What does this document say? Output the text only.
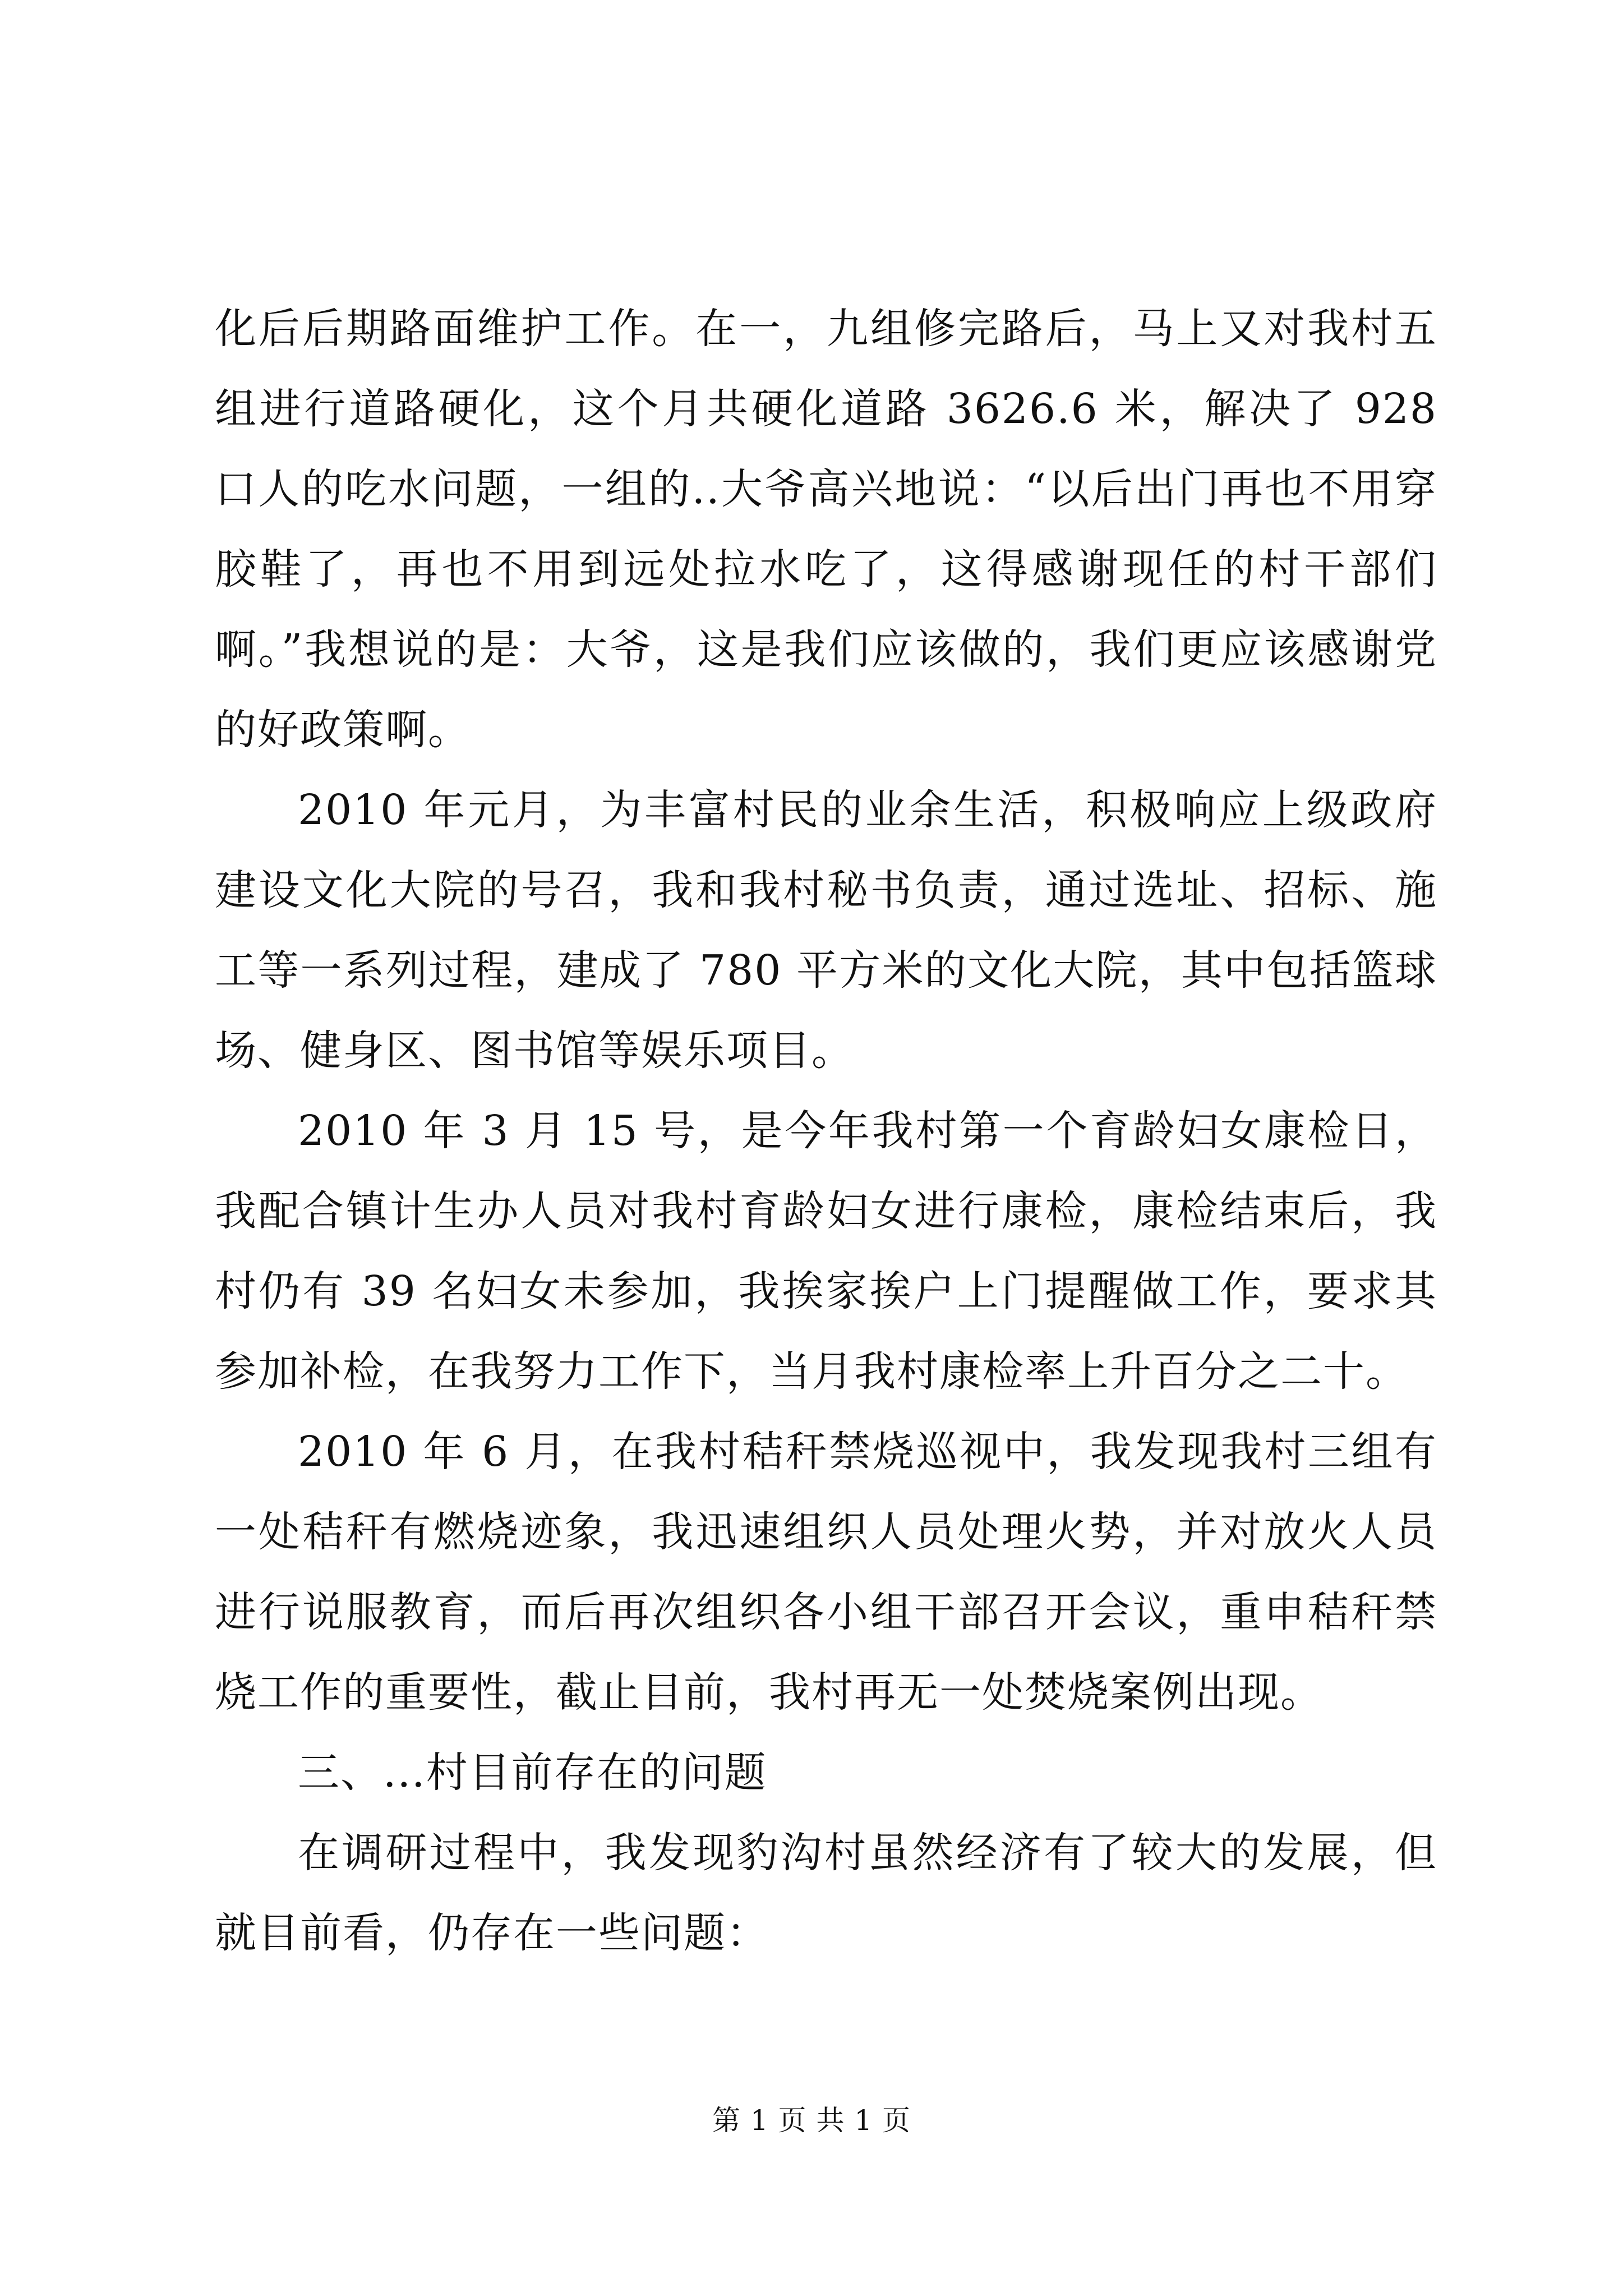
化后后期路面维护工作。在一，九组修完路后，马上又对我村五组进行道路硬化，这个月共硬化道路 3626.6 米，解决了 928 口人的吃水问题，一组的..大爷高兴地说：“以后出门再也不用穿胶鞋了，再也不用到远处拉水吃了，这得感谢现任的村干部们啊。”我想说的是：大爷，这是我们应该做的，我们更应该感谢党的好政策啊。

2010 年元月，为丰富村民的业余生活，积极响应上级政府建设文化大院的号召，我和我村秘书负责，通过选址、招标、施工等一系列过程，建成了 780 平方米的文化大院，其中包括篮球场、健身区、图书馆等娱乐项目。

2010 年 3 月 15 号，是今年我村第一个育龄妇女康检日，我配合镇计生办人员对我村育龄妇女进行康检，康检结束后，我村仍有 39 名妇女未参加，我挨家挨户上门提醒做工作，要求其参加补检，在我努力工作下，当月我村康检率上升百分之二十。

2010 年 6 月，在我村秸秆禁烧巡视中，我发现我村三组有一处秸秆有燃烧迹象，我迅速组织人员处理火势，并对放火人员进行说服教育，而后再次组织各小组干部召开会议，重申秸秆禁烧工作的重要性，截止目前，我村再无一处焚烧案例出现。

三、...村目前存在的问题

在调研过程中，我发现豹沟村虽然经济有了较大的发展，但就目前看，仍存在一些问题：

第 1 页 共 1 页
